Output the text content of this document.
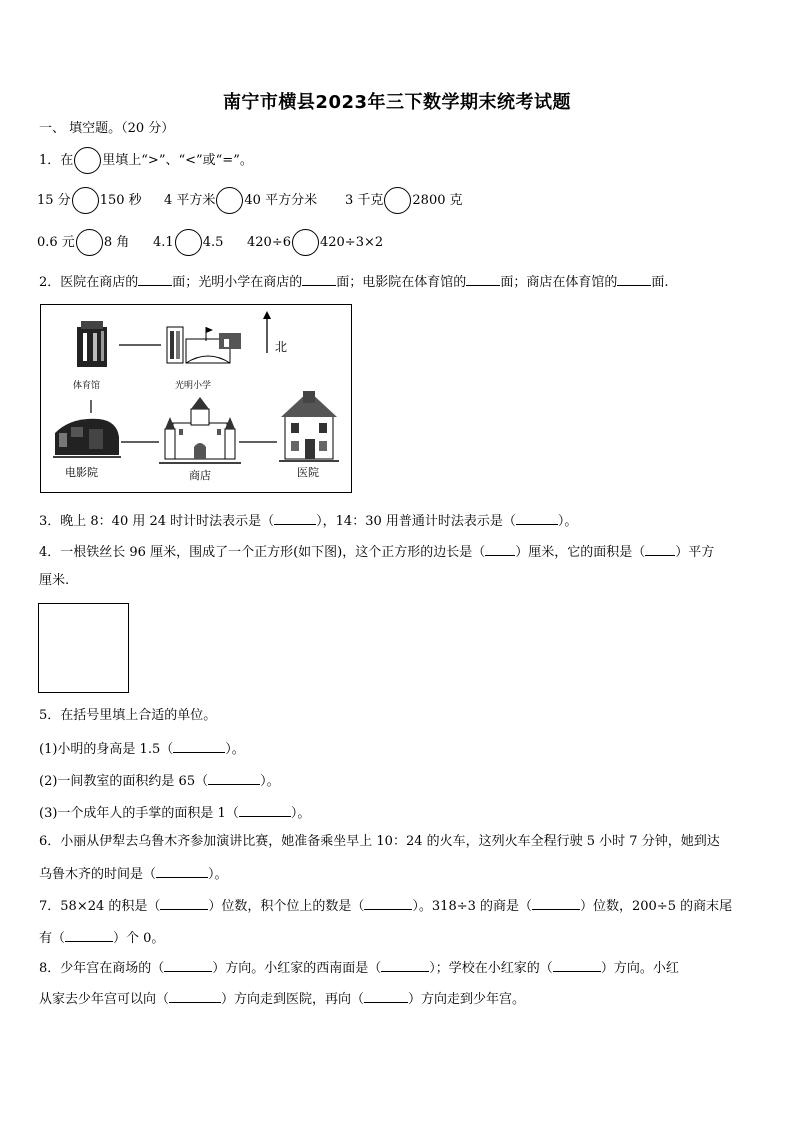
南宁市横县2023年三下数学期末统考试题
一、 填空题。（20 分）
1．在 里填上“>”、“<”或“=”。
15 分 150 秒 4 平方米 40 平方分米 3 千克 2800 克
0.6 元 8 角 4.1 4.5 420÷6 420÷3×2
2．医院在商店的	面；光明小学在商店的	面；电影院在体育馆的	面；商店在体育馆的	面.
体育馆	光明小学
电影院	商店	医院
北
3．晚上 8：40 用 24 时计时法表示是（	），14：30 用普通计时法表示是（	）。
4．一根铁丝长 96 厘米，围成了一个正方形(如下图)，这个正方形的边长是（ ）厘米，它的面积是（ ）平方
厘米.
5．在括号里填上合适的单位。
(1)小明的身高是 1.5（	）。
(2)一间教室的面积约是 65（	）。
(3)一个成年人的手掌的面积是 1（	）。
6．小丽从伊犁去乌鲁木齐参加演讲比赛，她准备乘坐早上 10：24 的火车，这列火车全程行驶 5 小时 7 分钟，她到达
乌鲁木齐的时间是（	）。
7．58×24 的积是（	）位数，积个位上的数是（	）。318÷3 的商是（	）位数，200÷5 的商末尾
有（	）个 0。
8．少年宫在商场的（	）方向。小红家的西南面是（	）；学校在小红家的（	）方向。小红
从家去少年宫可以向（	）方向走到医院，再向（	）方向走到少年宫。
